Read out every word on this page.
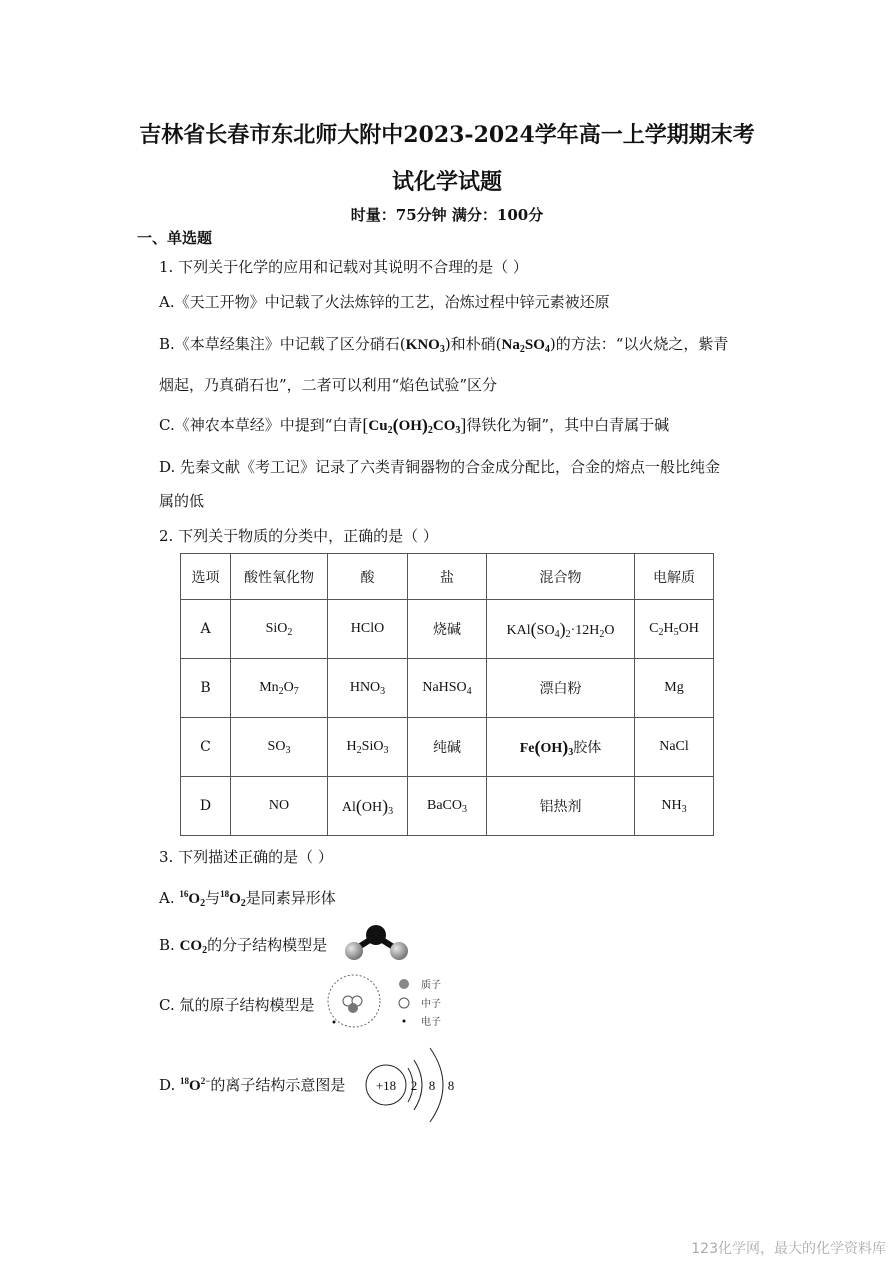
吉林省长春市东北师大附中2023-2024学年高一上学期期末考
试化学试题
时量：75分钟 满分：100分
一、单选题
1. 下列关于化学的应用和记载对其说明不合理的是（ ）
A.《天工开物》中记载了火法炼锌的工艺，冶炼过程中锌元素被还原
B.《本草经集注》中记载了区分硝石$(KNO_3)$和朴硝$(Na_2SO_4)$的方法：“以火烧之，紫青
烟起，乃真硝石也”，二者可以利用“焰色试验”区分
C.《神农本草经》中提到“白青$[Cu_2(OH)_2CO_3]$得铁化为铜”，其中白青属于碱
D. 先秦文献《考工记》记录了六类青铜器物的合金成分配比，合金的熔点一般比纯金
属的低
2. 下列关于物质的分类中，正确的是（ ）
选项	酸性氧化物	酸	盐	混合物	电解质
A	SiO$_2$	HClO	烧碱	$KAl(SO_4)_2\cdot 12H_2O$	$C_2H_5OH$
B	$Mn_2O_7$	$HNO_3$	NaHSO$_4$	漂白粉	Mg
C	$SO_3$	$H_2SiO_3$	纯碱	$Fe(OH)_3$胶体	NaCl
D	NO	$Al(OH)_3$	BaCO$_3$	铝热剂	$NH_3$
3. 下列描述正确的是（ ）
A. $^{16}O_2$与$^{18}O_2$是同素异形体
B. $CO_2$的分子结构模型是
C. 氚的原子结构模型是
质子
中子
电子
D. $^{18}O^{2-}$的离子结构示意图是 +18 2 8 8
123化学网，最大的化学资料库
